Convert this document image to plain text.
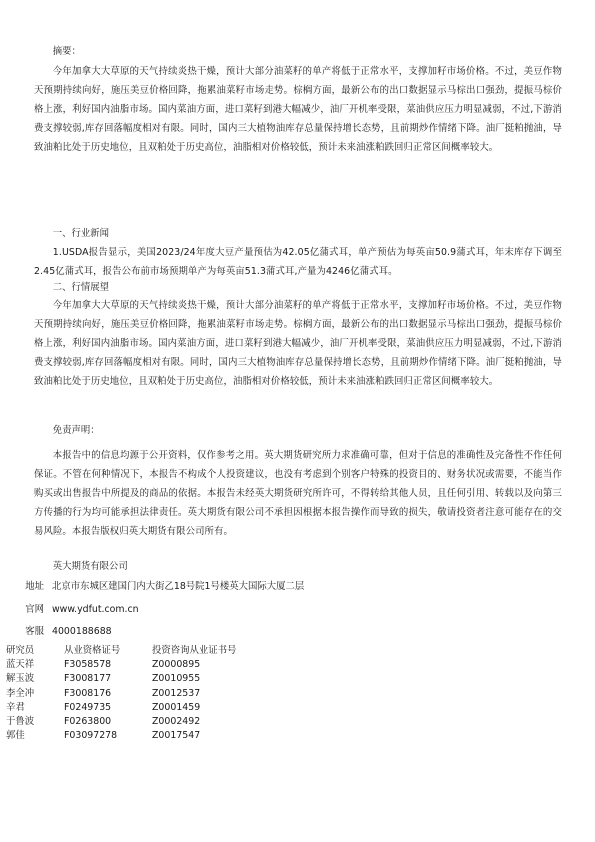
摘要：

今年加拿大大草原的天气持续炎热干燥，预计大部分油菜籽的单产将低于正常水平，支撑加籽市场价格。不过，美豆作物天预期持续向好，施压美豆价格回降，拖累油菜籽市场走势。棕榈方面，最新公布的出口数据显示马棕出口强劲，提振马棕价格上涨，利好国内油脂市场。国内菜油方面，进口菜籽到港大幅减少，油厂开机率受限，菜油供应压力明显减弱，不过,下游消费支撑较弱,库存回落幅度相对有限。同时，国内三大植物油库存总量保持增长态势，且前期炒作情绪下降。油厂挺粕抛油，导致油粕比处于历史地位，且双粕处于历史高位，油脂相对价格较低，预计未来油涨粕跌回归正常区间概率较大。

一、行业新闻

1.USDA报告显示，美国2023/24年度大豆产量预估为42.05亿蒲式耳，单产预估为每英亩50.9蒲式耳，年末库存下调至2.45亿蒲式耳，报告公布前市场预期单产为每英亩51.3蒲式耳,产量为4246亿蒲式耳。

二、行情展望

今年加拿大大草原的天气持续炎热干燥，预计大部分油菜籽的单产将低于正常水平，支撑加籽市场价格。不过，美豆作物天预期持续向好，施压美豆价格回降，拖累油菜籽市场走势。棕榈方面，最新公布的出口数据显示马棕出口强劲，提振马棕价格上涨，利好国内油脂市场。国内菜油方面，进口菜籽到港大幅减少，油厂开机率受限，菜油供应压力明显减弱，不过,下游消费支撑较弱,库存回落幅度相对有限。同时，国内三大植物油库存总量保持增长态势，且前期炒作情绪下降。油厂挺粕抛油，导致油粕比处于历史地位，且双粕处于历史高位，油脂相对价格较低，预计未来油涨粕跌回归正常区间概率较大。

免责声明：

本报告中的信息均源于公开资料，仅作参考之用。英大期货研究所力求准确可靠，但对于信息的准确性及完备性不作任何保证。不管在何种情况下，本报告不构成个人投资建议，也没有考虑到个别客户特殊的投资目的、财务状况或需要，不能当作购买或出售报告中所提及的商品的依据。本报告未经英大期货研究所许可，不得转给其他人员，且任何引用、转载以及向第三方传播的行为均可能承担法律责任。英大期货有限公司不承担因根据本报告操作而导致的损失，敬请投资者注意可能存在的交易风险。本报告版权归英大期货有限公司所有。

英大期货有限公司
地址 北京市东城区建国门内大街乙18号院1号楼英大国际大厦二层
官网 www.ydfut.com.cn
客服 4000188688
研究员	从业资格证号	投资咨询从业证书号
蓝天祥	F3058578	Z0000895
解玉波	F3008177	Z0010955
李全冲	F3008176	Z0012537
辛君	F0249735	Z0001459
于鲁波	F0263800	Z0002492
郭佳	F03097278	Z0017547
